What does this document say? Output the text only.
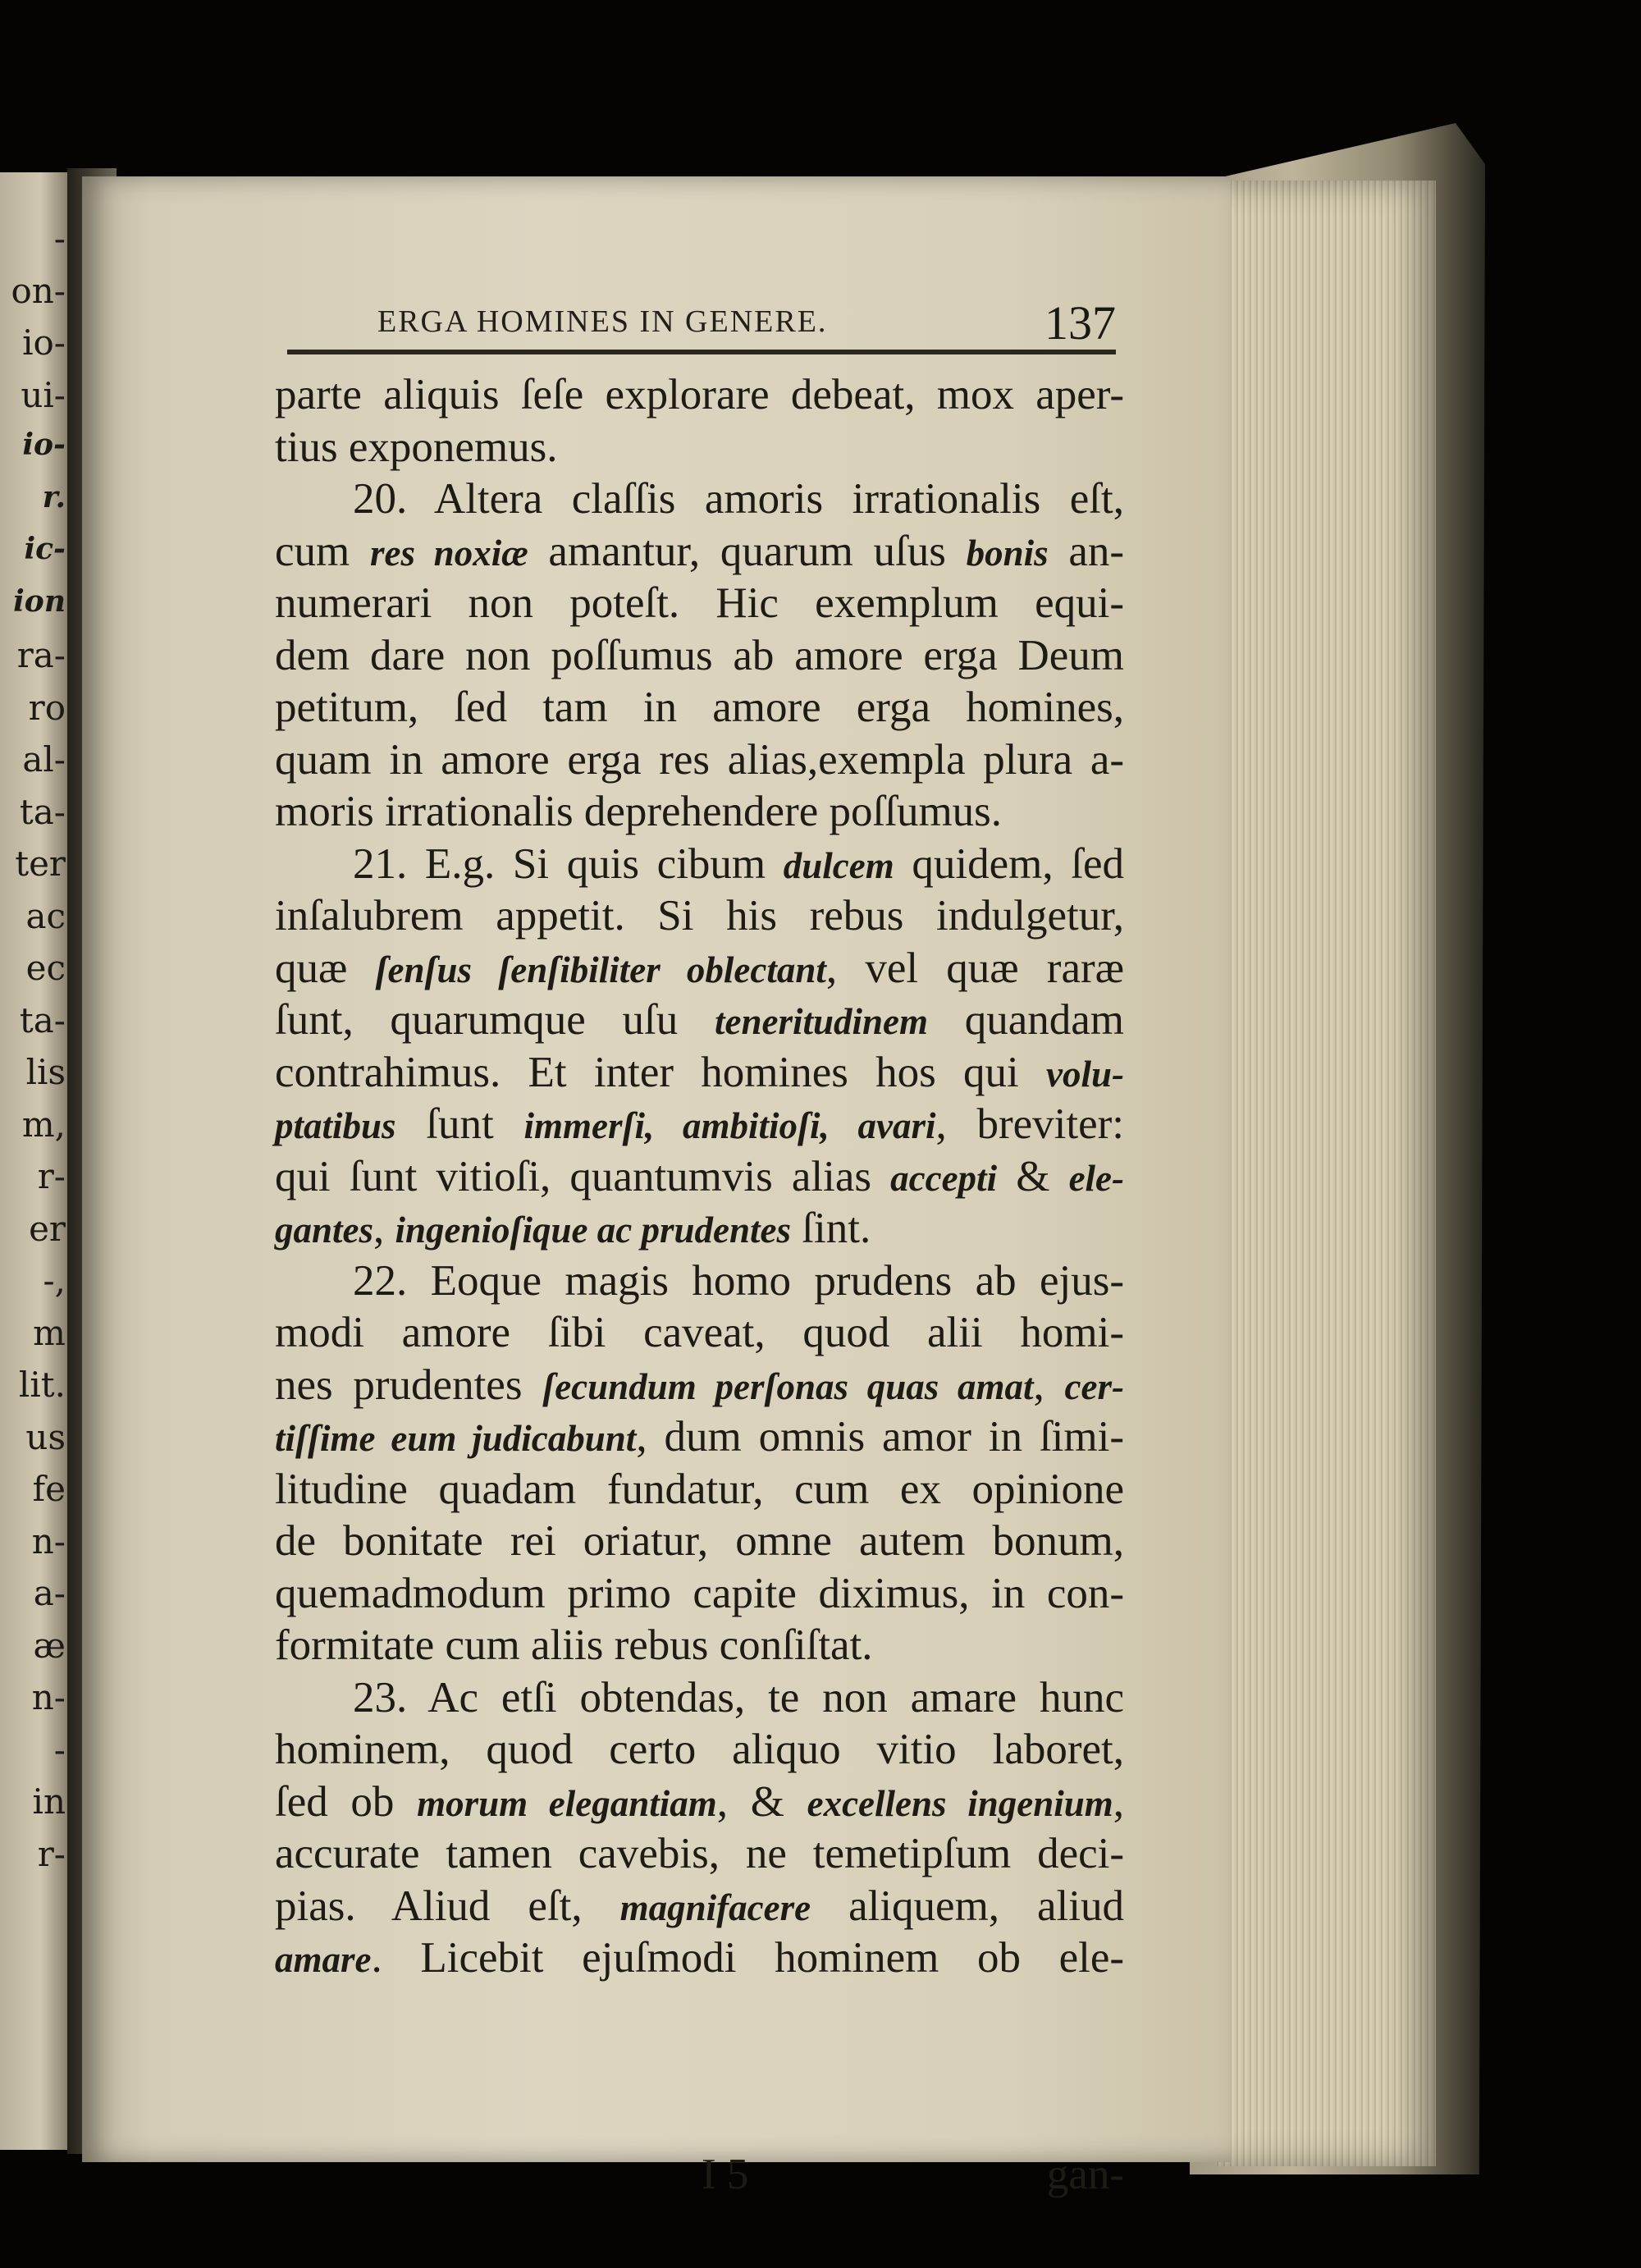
-
on-
io-
ui-
io-
r.
ic-
ion
ra-
ro
al-
ta-
ter
ac
ec
ta-
lis
m,
r-
er
-,
m
lit.
us
fe
n-
a-
æ
n-
-
in
r-
ERGA HOMINES IN GENERE.	137
parte aliquis ſeſe explorare debeat, mox aper-
tius exponemus.
20. Altera claſſis amoris irrationalis eſt,
cum res noxiæ amantur, quarum uſus bonis an-
numerari non poteſt. Hic exemplum equi-
dem dare non poſſumus ab amore erga Deum
petitum, ſed tam in amore erga homines,
quam in amore erga res alias,exempla plura a-
moris irrationalis deprehendere poſſumus.
21. E.g. Si quis cibum dulcem quidem, ſed
inſalubrem appetit. Si his rebus indulgetur,
quæ ſenſus ſenſibiliter oblectant, vel quæ raræ
ſunt, quarumque uſu teneritudinem quandam
contrahimus. Et inter homines hos qui volu-
ptatibus ſunt immerſi, ambitioſi, avari, breviter:
qui ſunt vitioſi, quantumvis alias accepti & ele-
gantes, ingenioſique ac prudentes ſint.
22. Eoque magis homo prudens ab ejus-
modi amore ſibi caveat, quod alii homi-
nes prudentes ſecundum perſonas quas amat, cer-
tiſſime eum judicabunt, dum omnis amor in ſimi-
litudine quadam fundatur, cum ex opinione
de bonitate rei oriatur, omne autem bonum,
quemadmodum primo capite diximus, in con-
formitate cum aliis rebus conſiſtat.
23. Ac etſi obtendas, te non amare hunc
hominem, quod certo aliquo vitio laboret,
ſed ob morum elegantiam, & excellens ingenium,
accurate tamen cavebis, ne temetipſum deci-
pias. Aliud eſt, magnifacere aliquem, aliud
amare. Licebit ejuſmodi hominem ob ele-
I 5	gan-
